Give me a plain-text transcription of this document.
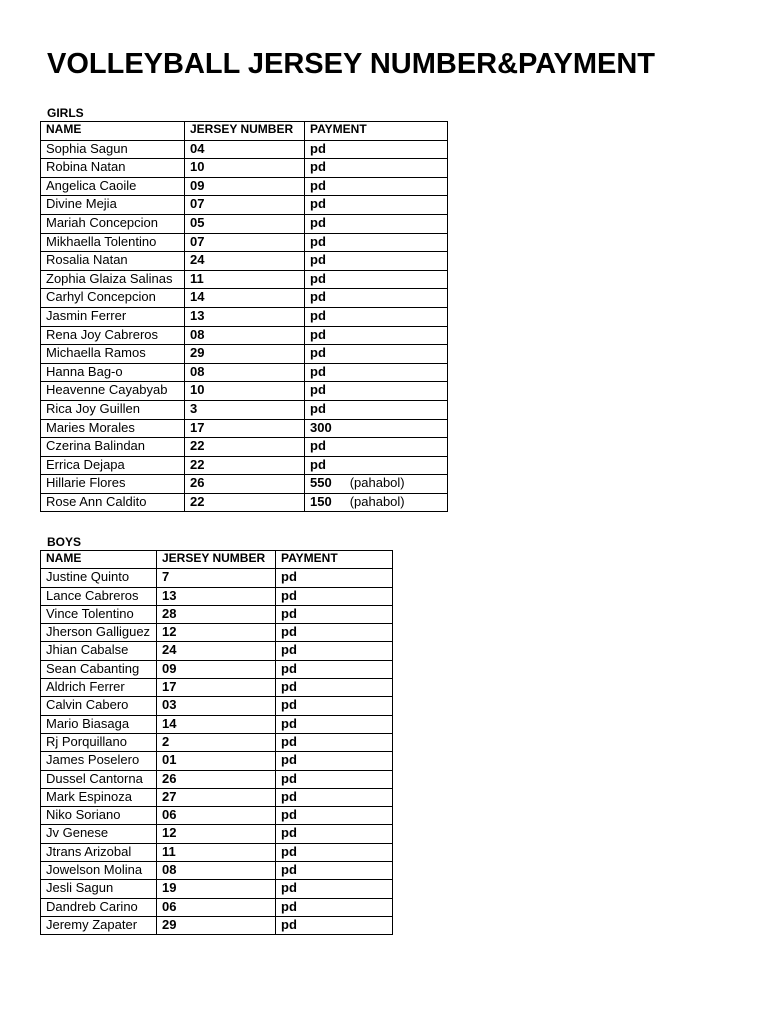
VOLLEYBALL JERSEY NUMBER&PAYMENT
GIRLS
NAME	JERSEY NUMBER	PAYMENT
Sophia Sagun	04	pd
Robina Natan	10	pd
Angelica Caoile	09	pd
Divine Mejia	07	pd
Mariah Concepcion	05	pd
Mikhaella Tolentino	07	pd
Rosalia Natan	24	pd
Zophia Glaiza Salinas	11	pd
Carhyl Concepcion	14	pd
Jasmin Ferrer	13	pd
Rena Joy Cabreros	08	pd
Michaella Ramos	29	pd
Hanna Bag-o	08	pd
Heavenne Cayabyab	10	pd
Rica Joy Guillen	3	pd
Maries Morales	17	300
Czerina Balindan	22	pd
Errica Dejapa	22	pd
Hillarie Flores	26	550 (pahabol)
Rose Ann Caldito	22	150 (pahabol)
BOYS
NAME	JERSEY NUMBER	PAYMENT
Justine Quinto	7	pd
Lance Cabreros	13	pd
Vince Tolentino	28	pd
Jherson Galliguez	12	pd
Jhian Cabalse	24	pd
Sean Cabanting	09	pd
Aldrich Ferrer	17	pd
Calvin Cabero	03	pd
Mario Biasaga	14	pd
Rj Porquillano	2	pd
James Poselero	01	pd
Dussel Cantorna	26	pd
Mark Espinoza	27	pd
Niko Soriano	06	pd
Jv Genese	12	pd
Jtrans Arizobal	11	pd
Jowelson Molina	08	pd
Jesli Sagun	19	pd
Dandreb Carino	06	pd
Jeremy Zapater	29	pd
